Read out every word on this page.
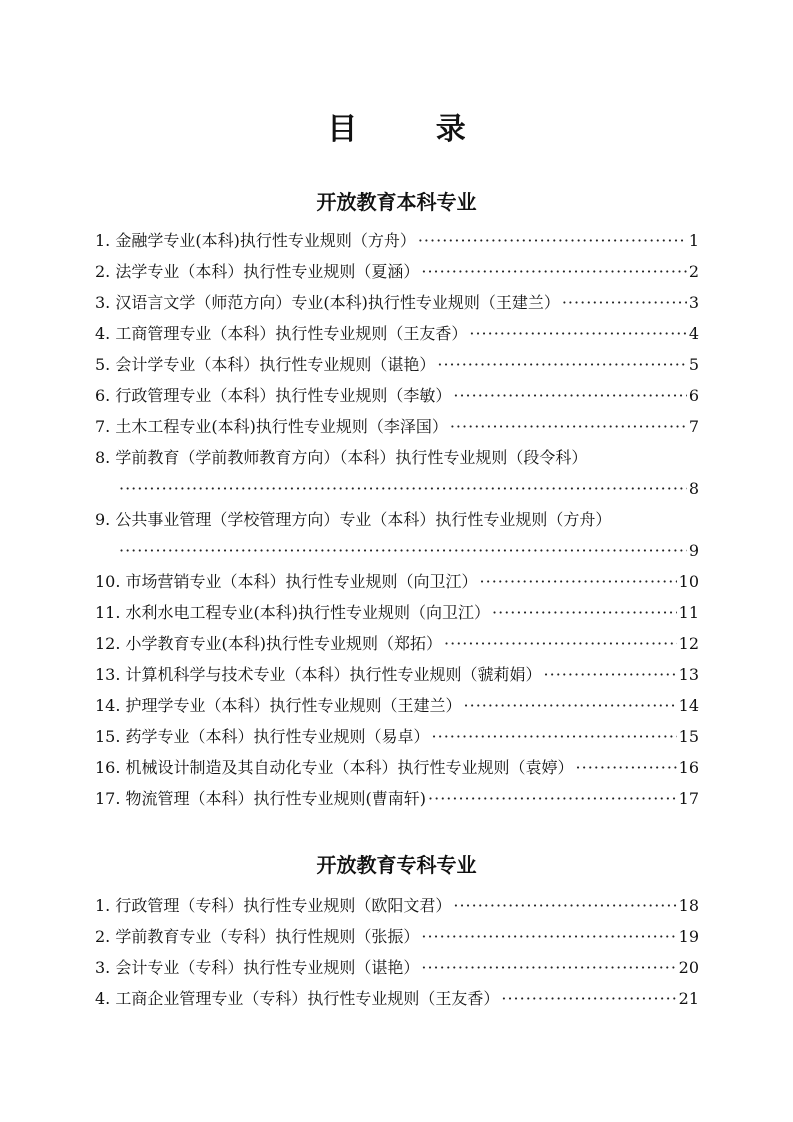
目 录
开放教育本科专业
1. 金融学专业(本科)执行性专业规则（方舟） ·····	1
2. 法学专业（本科）执行性专业规则（夏涵） ·····	2
3. 汉语言文学（师范方向）专业(本科)执行性专业规则（王建兰） ·····	3
4. 工商管理专业（本科）执行性专业规则（王友香） ·····	4
5. 会计学专业（本科）执行性专业规则（谌艳） ·····	5
6. 行政管理专业（本科）执行性专业规则（李敏） ·····	6
7. 土木工程专业(本科)执行性专业规则（李泽国） ·····	7
8. 学前教育（学前教师教育方向）（本科）执行性专业规则（段令科）
·····
8
9. 公共事业管理（学校管理方向）专业（本科）执行性专业规则（方舟）
·····
9
10. 市场营销专业（本科）执行性专业规则（向卫江） ·····	10
11. 水利水电工程专业(本科)执行性专业规则（向卫江） ·····	11
12. 小学教育专业(本科)执行性专业规则（郑拓） ·····	12
13. 计算机科学与技术专业（本科）执行性专业规则（虢莉娟） ·····	13
14. 护理学专业（本科）执行性专业规则（王建兰） ·····	14
15. 药学专业（本科）执行性专业规则（易卓） ·····	15
16. 机械设计制造及其自动化专业（本科）执行性专业规则（袁婷） ·····	16
17. 物流管理（本科）执行性专业规则(曹南轩) ·····	17
开放教育专科专业
1. 行政管理（专科）执行性专业规则（欧阳文君） ·····	18
2. 学前教育专业（专科）执行性规则（张振） ·····	19
3. 会计专业（专科）执行性专业规则（谌艳） ·····	20
4. 工商企业管理专业（专科）执行性专业规则（王友香） ·····	21
